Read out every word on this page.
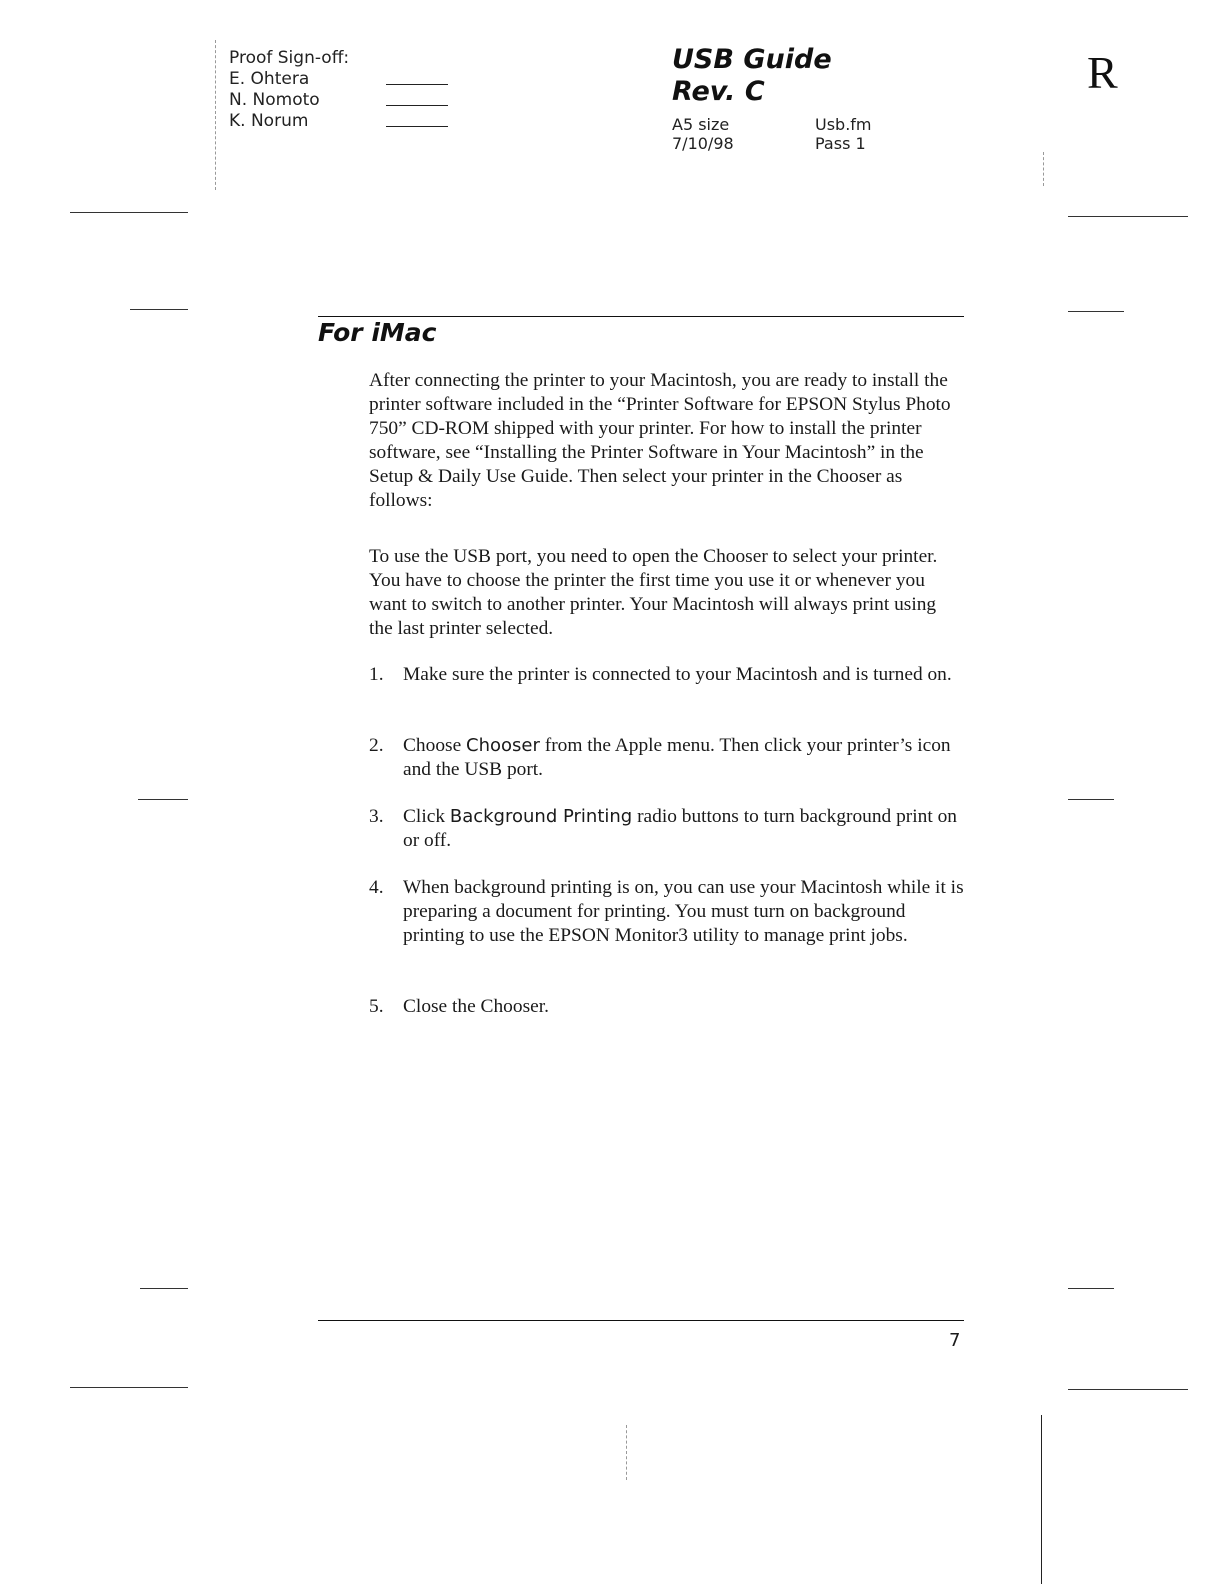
Proof Sign-off:
E. Ohtera
N. Nomoto
K. Norum
USB Guide
Rev. C
A5 size	Usb.fm
7/10/98	Pass 1
R
For iMac

After connecting the printer to your Macintosh, you are ready to install the printer software included in the “Printer Software for EPSON Stylus Photo 750” CD-ROM shipped with your printer. For how to install the printer software, see “Installing the Printer Software in Your Macintosh” in the Setup & Daily Use Guide. Then select your printer in the Chooser as follows:

To use the USB port, you need to open the Chooser to select your printer. You have to choose the printer the first time you use it or whenever you want to switch to another printer. Your Macintosh will always print using the last printer selected.

1. Make sure the printer is connected to your Macintosh and is turned on.
2. Choose Chooser from the Apple menu. Then click your printer’s icon and the USB port.
3. Click Background Printing radio buttons to turn background print on or off.
4. When background printing is on, you can use your Macintosh while it is preparing a document for printing. You must turn on background printing to use the EPSON Monitor3 utility to manage print jobs.
5. Close the Chooser.
7
